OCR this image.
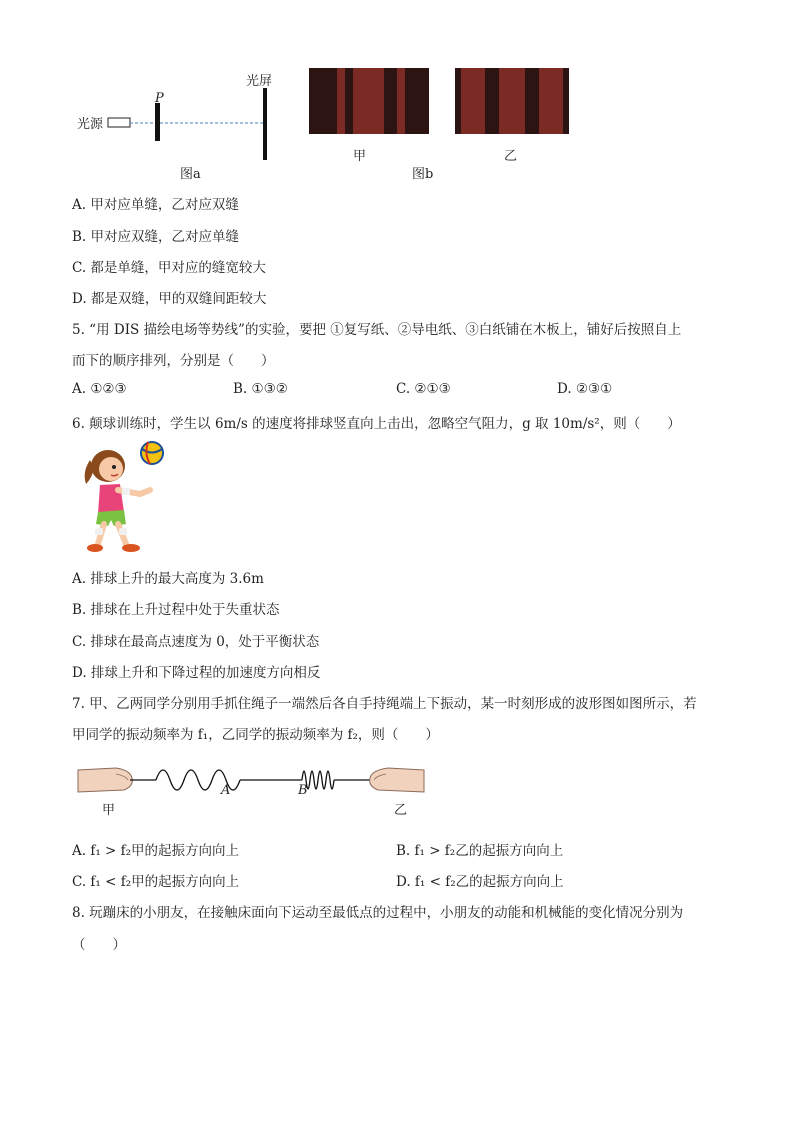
光源
P
光屏
图a
甲	乙
图b
A. 甲对应单缝，乙对应双缝
B. 甲对应双缝，乙对应单缝
C. 都是单缝，甲对应的缝宽较大
D. 都是双缝，甲的双缝间距较大
5. “用 DIS 描绘电场等势线”的实验，要把 ①复写纸、②导电纸、③白纸铺在木板上，铺好后按照自上
而下的顺序排列，分别是（　　）
A. ①②③	B. ①③②	C. ②①③	D. ②③①
6. 颠球训练时，学生以 6m/s 的速度将排球竖直向上击出，忽略空气阻力，g 取 10m/s²，则（　　）
A. 排球上升的最大高度为 3.6m
B. 排球在上升过程中处于失重状态
C. 排球在最高点速度为 0，处于平衡状态
D. 排球上升和下降过程的加速度方向相反
7. 甲、乙两同学分别用手抓住绳子一端然后各自手持绳端上下振动，某一时刻形成的波形图如图所示，若
甲同学的振动频率为 f₁，乙同学的振动频率为 f₂，则（　　）
A	B
甲	乙
A. f₁ > f₂甲的起振方向向上	B. f₁ > f₂乙的起振方向向上
C. f₁ < f₂甲的起振方向向上	D. f₁ < f₂乙的起振方向向上
8. 玩蹦床的小朋友，在接触床面向下运动至最低点的过程中，小朋友的动能和机械能的变化情况分别为
（　　）
